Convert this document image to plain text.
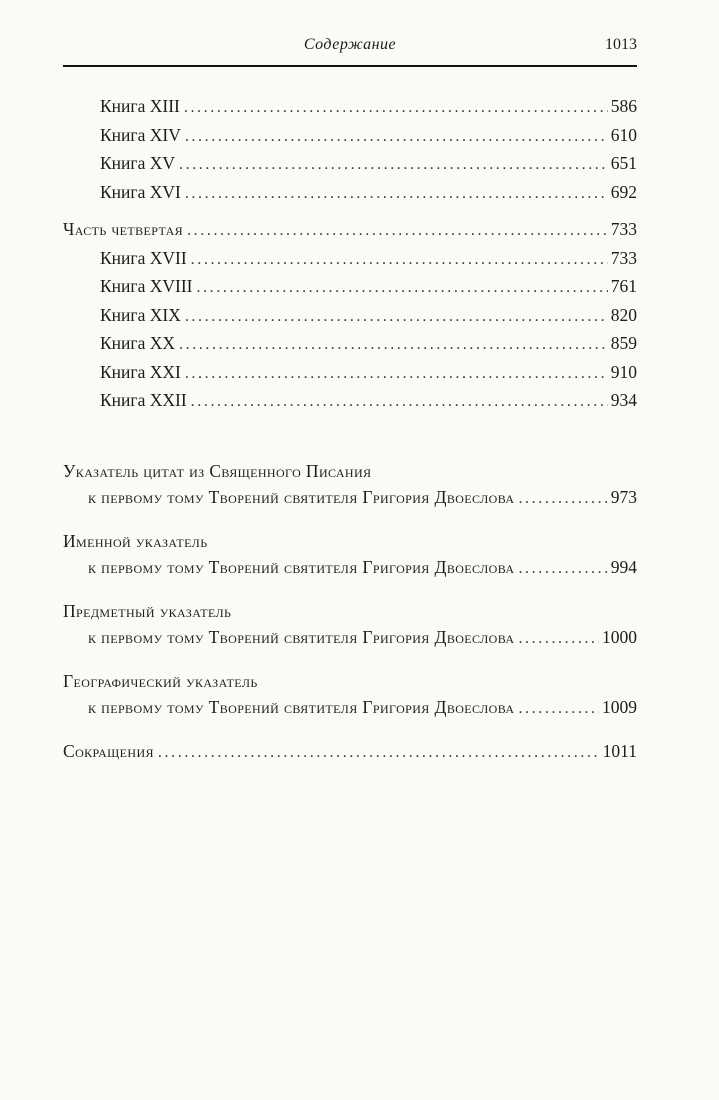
Содержание	1013
Книга XIII .....	586
Книга XIV .....	610
Книга XV .....	651
Книга XVI .....	692
Часть четвертая .....	733
Книга XVII .....	733
Книга XVIII .....	761
Книга XIX .....	820
Книга XX .....	859
Книга XXI .....	910
Книга XXII .....	934
Указатель цитат из Священного Писания
к первому тому Творений святителя Григория Двоеслова .....	973
Именной указатель
к первому тому Творений святителя Григория Двоеслова .....	994
Предметный указатель
к первому тому Творений святителя Григория Двоеслова .....	1000
Географический указатель
к первому тому Творений святителя Григория Двоеслова .....	1009
Сокращения .....	1011
